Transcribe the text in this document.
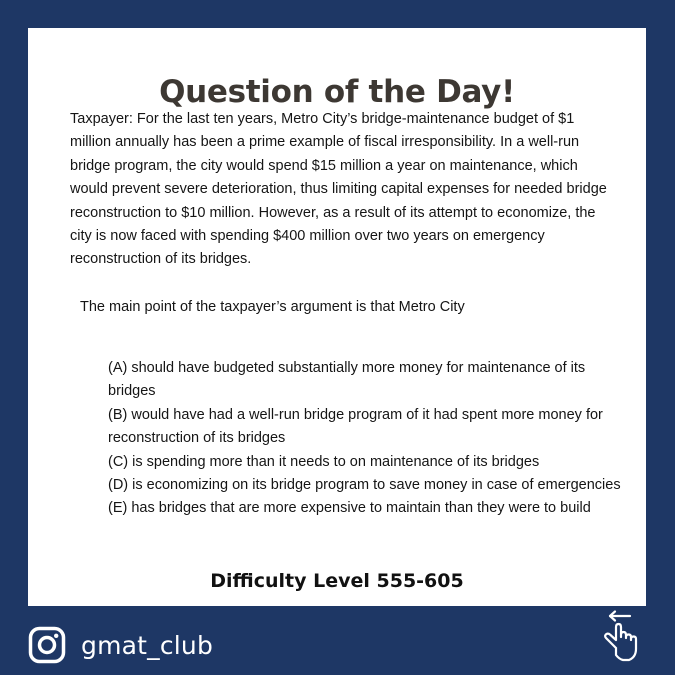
Question of the Day!

Taxpayer: For the last ten years, Metro City’s bridge-maintenance budget of $1 million annually has been a prime example of fiscal irresponsibility. In a well-run bridge program, the city would spend $15 million a year on maintenance, which would prevent severe deterioration, thus limiting capital expenses for needed bridge reconstruction to $10 million. However, as a result of its attempt to economize, the city is now faced with spending $400 million over two years on emergency reconstruction of its bridges.

The main point of the taxpayer’s argument is that Metro City

(A) should have budgeted substantially more money for maintenance of its bridges
(B) would have had a well-run bridge program of it had spent more money for reconstruction of its bridges
(C) is spending more than it needs to on maintenance of its bridges
(D) is economizing on its bridge program to save money in case of emergencies
(E) has bridges that are more expensive to maintain than they were to build
Difficulty Level 555-605
gmat_club
